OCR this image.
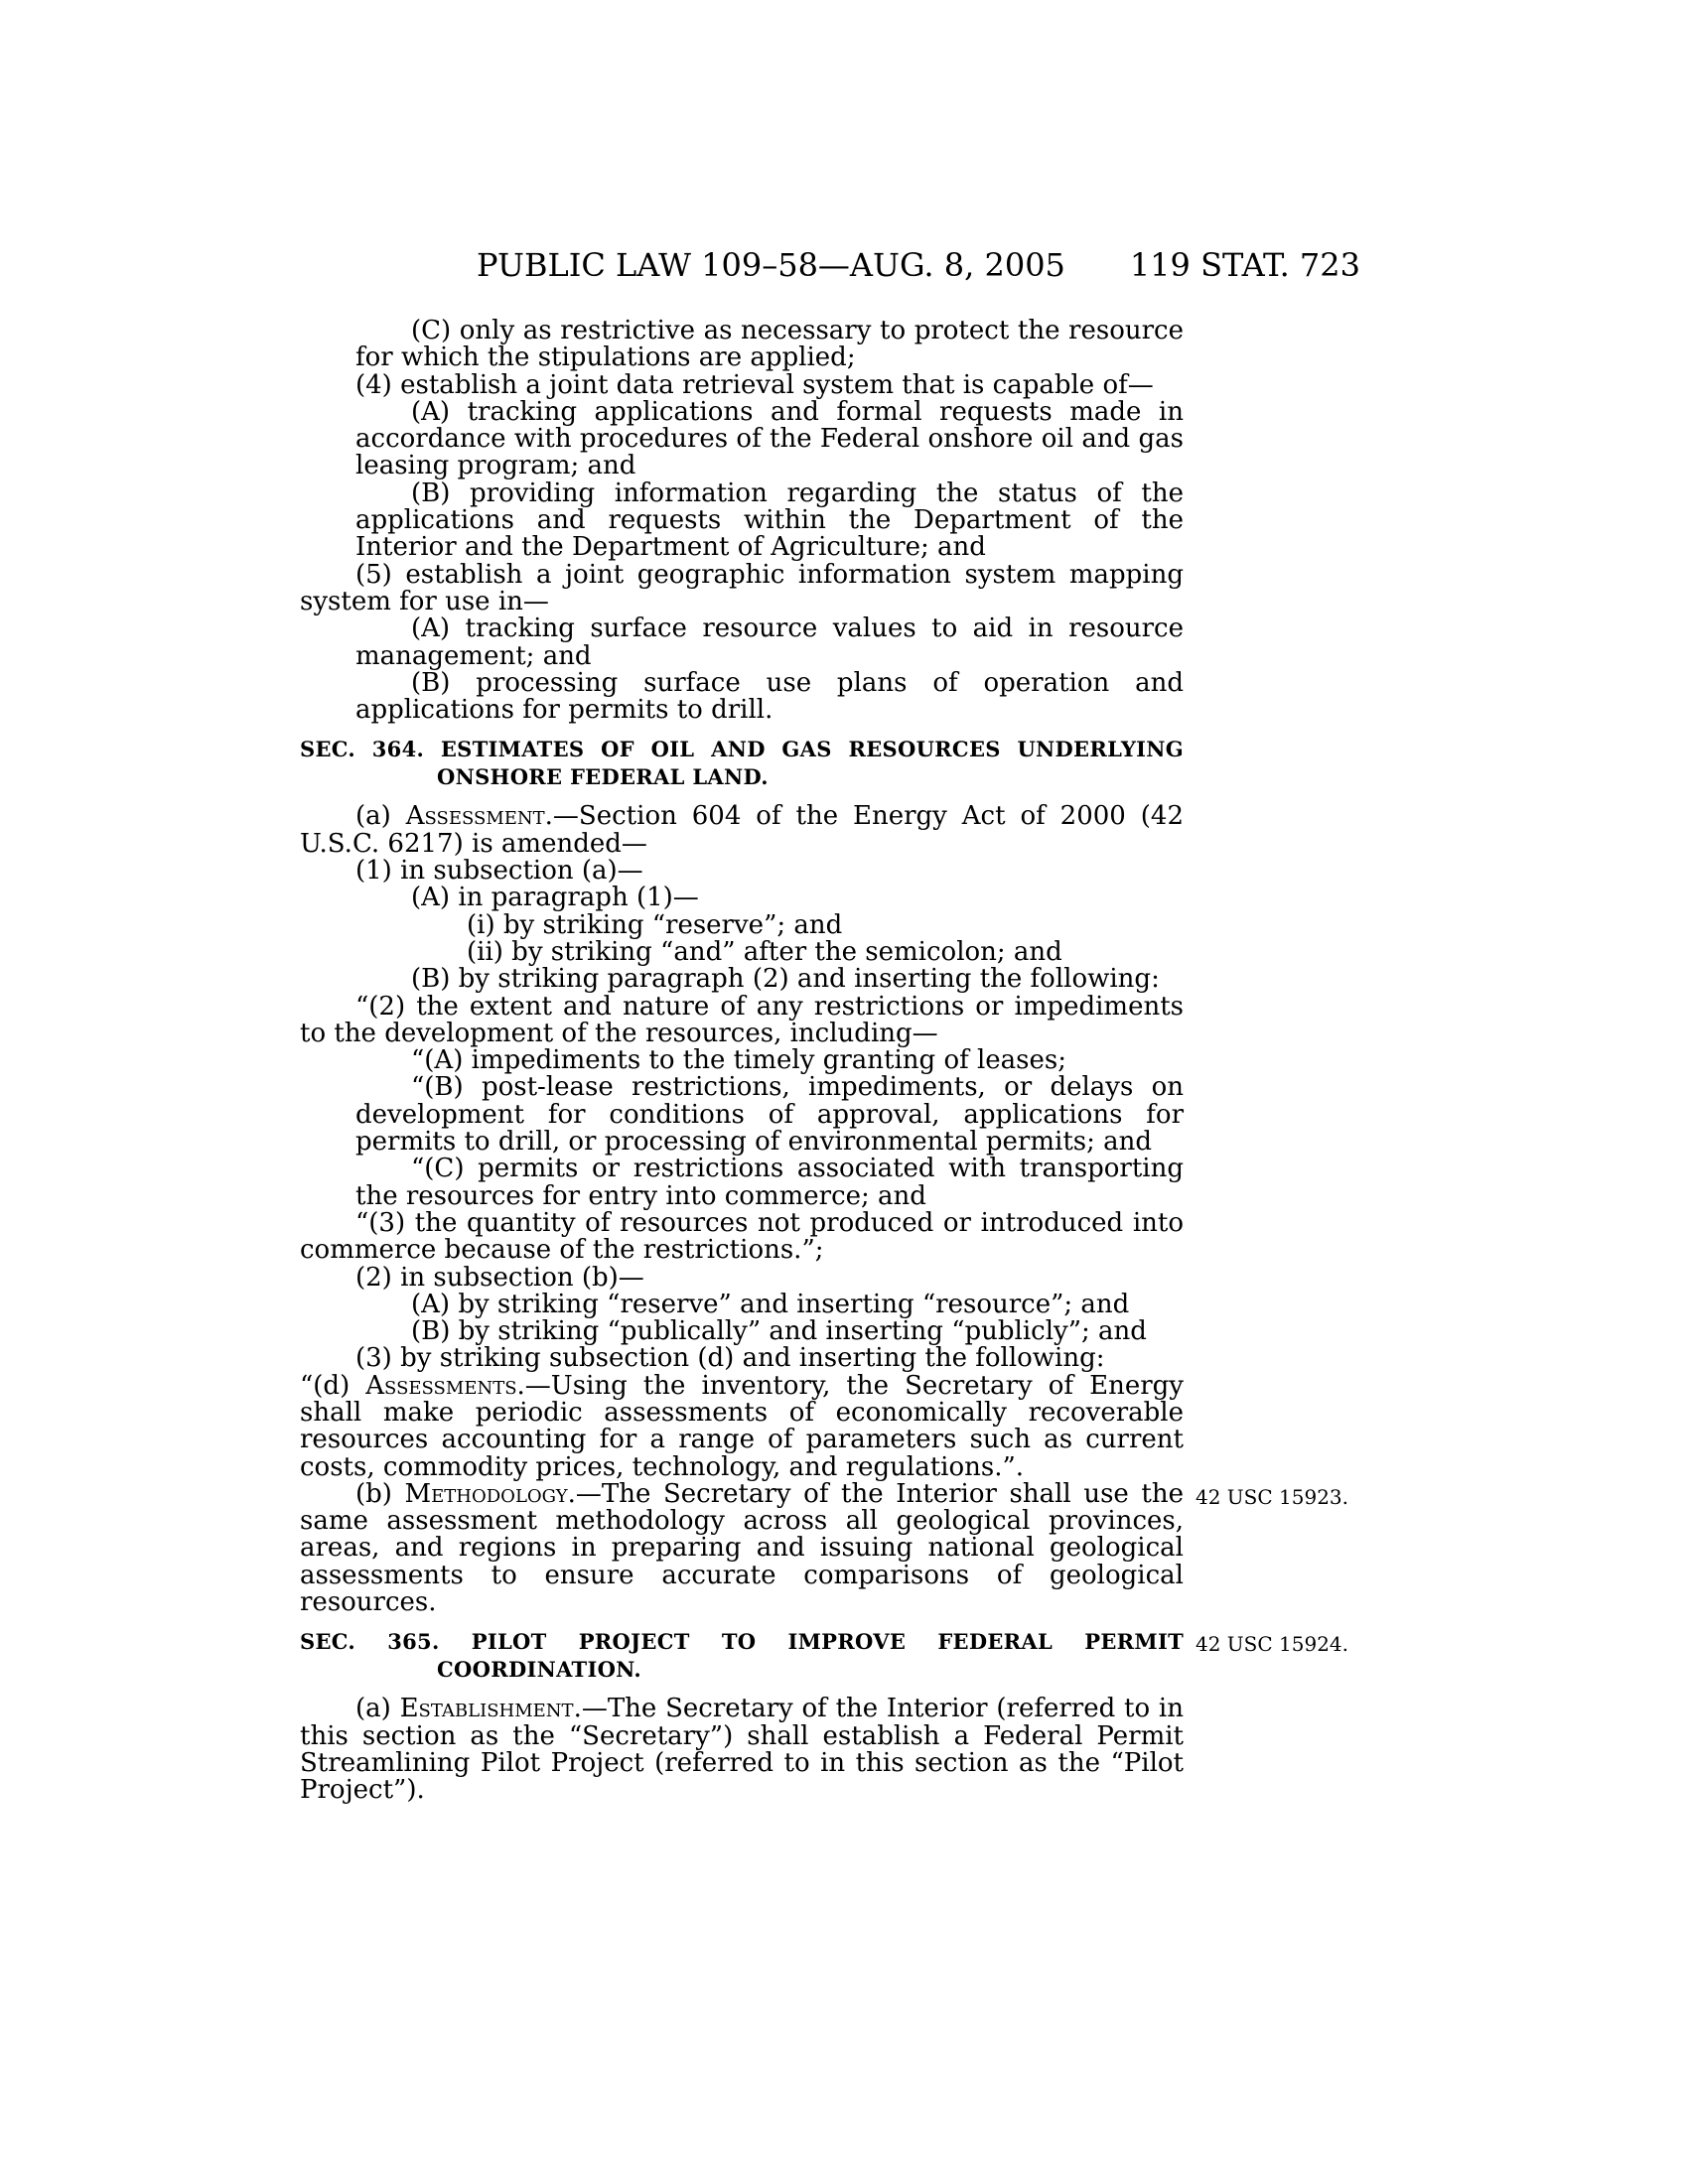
PUBLIC LAW 109–58—AUG. 8, 2005 119 STAT. 723

(C) only as restrictive as necessary to protect the resource for which the stipulations are applied;

(4) establish a joint data retrieval system that is capable of—

(A) tracking applications and formal requests made in accordance with procedures of the Federal onshore oil and gas leasing program; and

(B) providing information regarding the status of the applications and requests within the Department of the Interior and the Department of Agriculture; and

(5) establish a joint geographic information system mapping system for use in—

(A) tracking surface resource values to aid in resource management; and

(B) processing surface use plans of operation and applications for permits to drill.

SEC. 364. ESTIMATES OF OIL AND GAS RESOURCES UNDERLYING ONSHORE FEDERAL LAND.

(a) Assessment.—Section 604 of the Energy Act of 2000 (42 U.S.C. 6217) is amended—

(1) in subsection (a)—

(A) in paragraph (1)—

(i) by striking “reserve”; and

(ii) by striking “and” after the semicolon; and

(B) by striking paragraph (2) and inserting the following:

“(2) the extent and nature of any restrictions or impediments to the development of the resources, including—

“(A) impediments to the timely granting of leases;

“(B) post-lease restrictions, impediments, or delays on development for conditions of approval, applications for permits to drill, or processing of environmental permits; and

“(C) permits or restrictions associated with transporting the resources for entry into commerce; and

“(3) the quantity of resources not produced or introduced into commerce because of the restrictions.”;

(2) in subsection (b)—

(A) by striking “reserve” and inserting “resource”; and

(B) by striking “publically” and inserting “publicly”; and

(3) by striking subsection (d) and inserting the following:

“(d) Assessments.—Using the inventory, the Secretary of Energy shall make periodic assessments of economically recoverable resources accounting for a range of parameters such as current costs, commodity prices, technology, and regulations.”.

(b) Methodology.—The Secretary of the Interior shall use the same assessment methodology across all geological provinces, areas, and regions in preparing and issuing national geological assessments to ensure accurate comparisons of geological resources.

SEC. 365. PILOT PROJECT TO IMPROVE FEDERAL PERMIT COORDINATION.

(a) Establishment.—The Secretary of the Interior (referred to in this section as the “Secretary”) shall establish a Federal Permit Streamlining Pilot Project (referred to in this section as the “Pilot Project”).

42 USC 15923.
42 USC 15924.
